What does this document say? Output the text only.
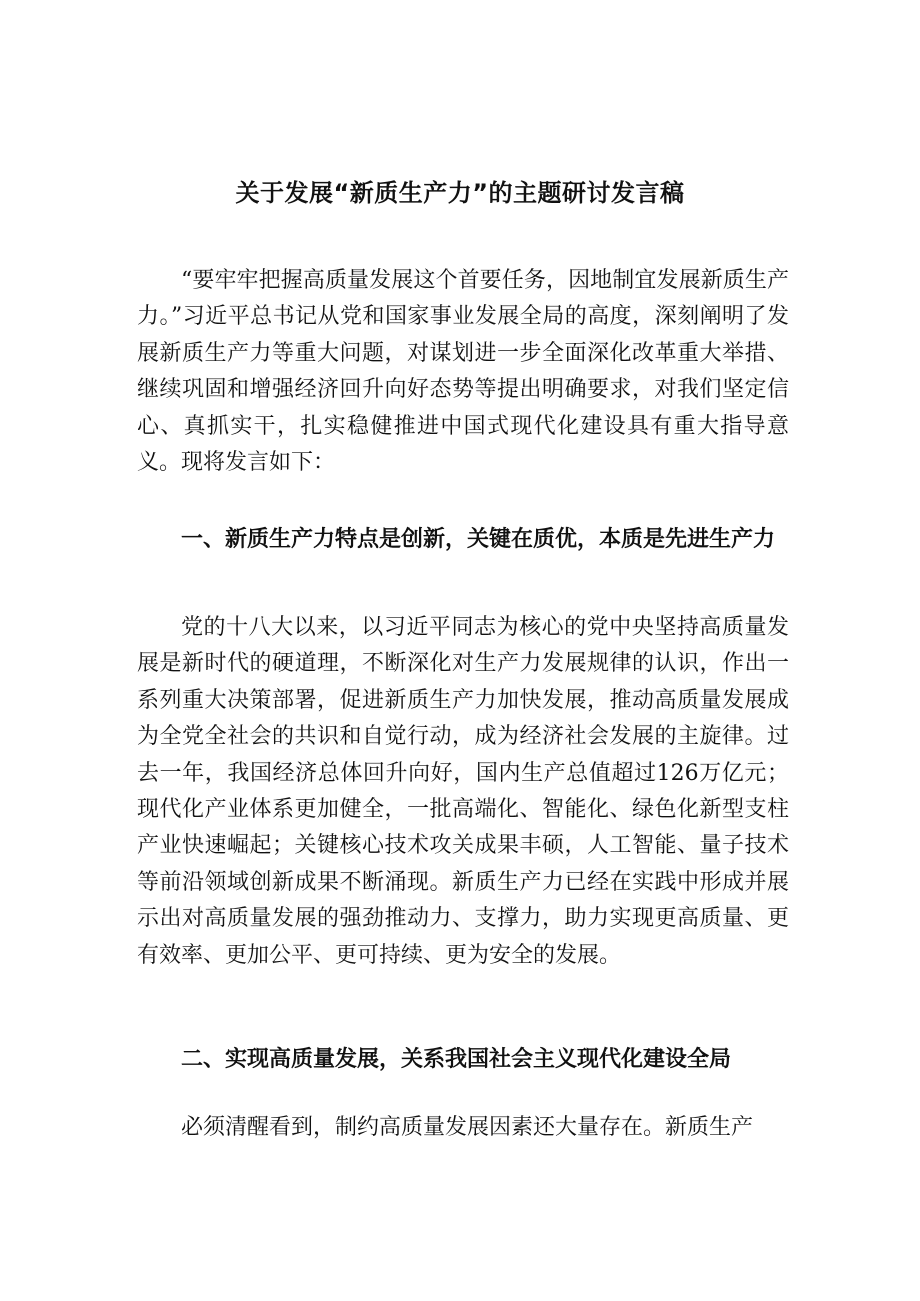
关于发展“新质生产力”的主题研讨发言稿

“要牢牢把握高质量发展这个首要任务，因地制宜发展新质生产力。”习近平总书记从党和国家事业发展全局的高度，深刻阐明了发展新质生产力等重大问题，对谋划进一步全面深化改革重大举措、继续巩固和增强经济回升向好态势等提出明确要求，对我们坚定信心、真抓实干，扎实稳健推进中国式现代化建设具有重大指导意义。现将发言如下：

一、新质生产力特点是创新，关键在质优，本质是先进生产力

党的十八大以来，以习近平同志为核心的党中央坚持高质量发展是新时代的硬道理，不断深化对生产力发展规律的认识，作出一系列重大决策部署，促进新质生产力加快发展，推动高质量发展成为全党全社会的共识和自觉行动，成为经济社会发展的主旋律。过去一年，我国经济总体回升向好，国内生产总值超过126万亿元；现代化产业体系更加健全，一批高端化、智能化、绿色化新型支柱产业快速崛起；关键核心技术攻关成果丰硕，人工智能、量子技术等前沿领域创新成果不断涌现。新质生产力已经在实践中形成并展示出对高质量发展的强劲推动力、支撑力，助力实现更高质量、更有效率、更加公平、更可持续、更为安全的发展。

二、实现高质量发展，关系我国社会主义现代化建设全局

必须清醒看到，制约高质量发展因素还大量存在。新质生产
